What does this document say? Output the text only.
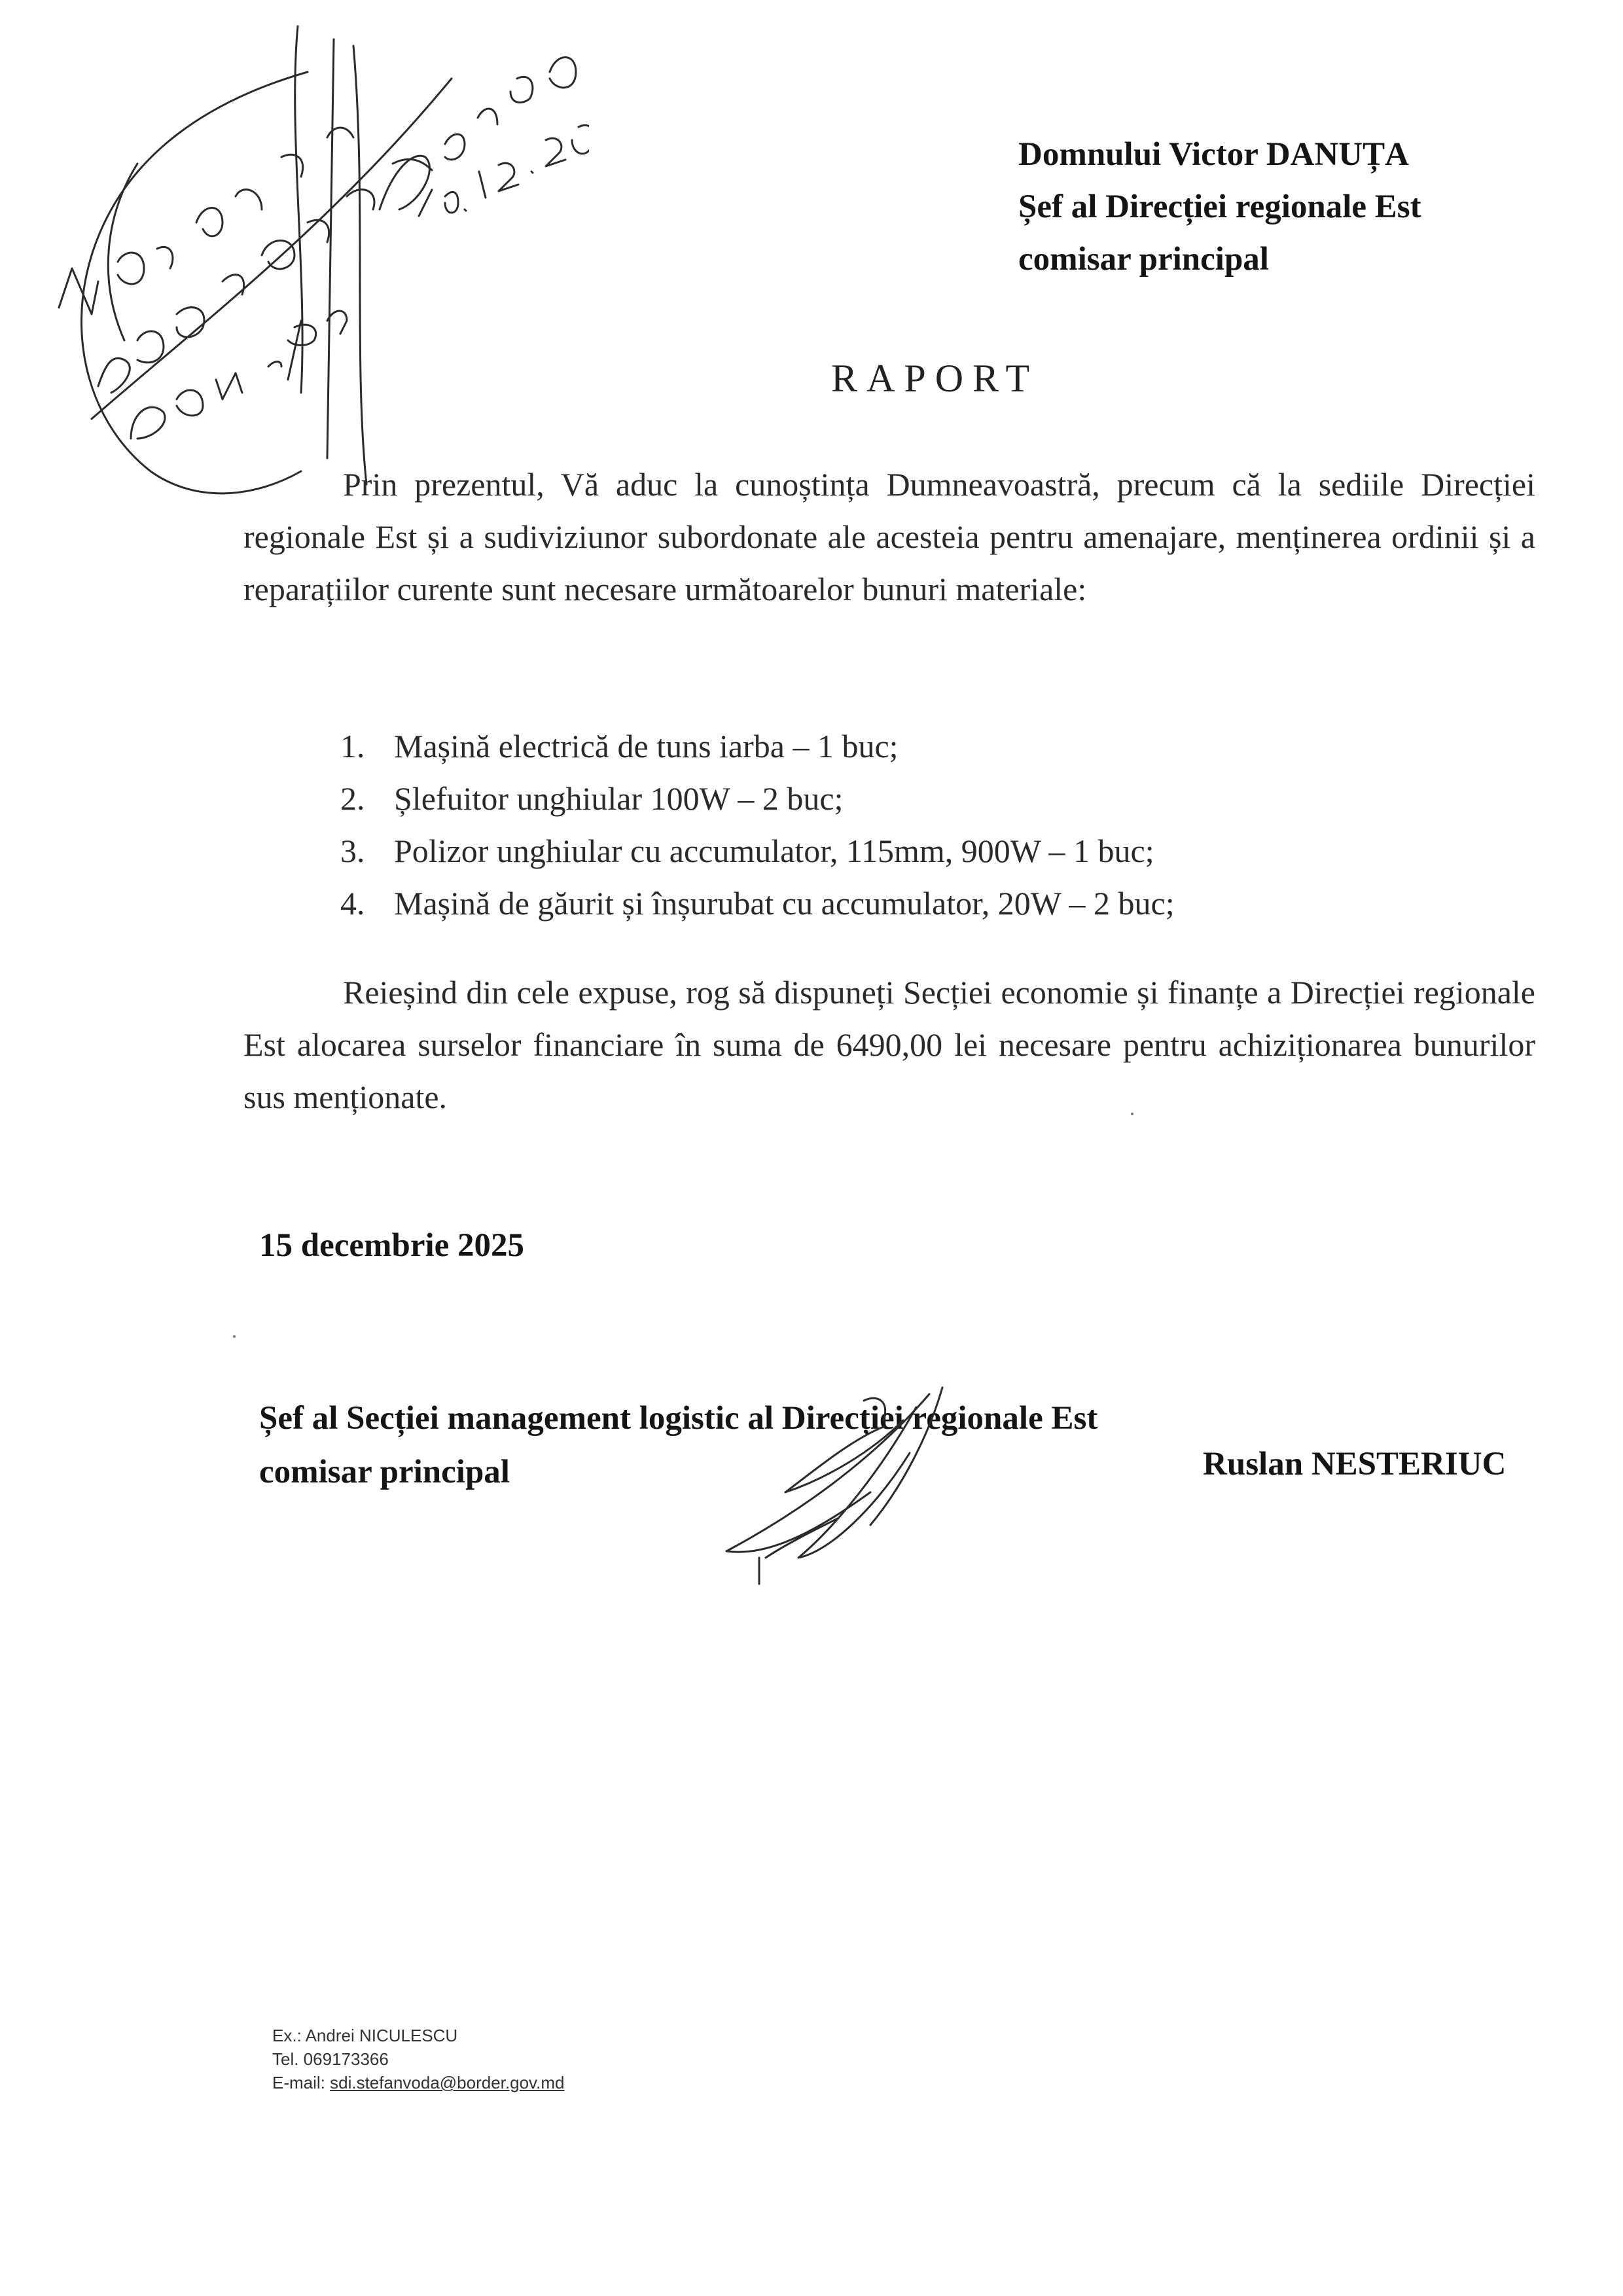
Domnului Victor DANUȚA
Șef al Direcției regionale Est
comisar principal
RAPORT
Prin prezentul, Vă aduc la cunoștința Dumneavoastră, precum că la sediile Direcției regionale Est și a sudiviziunor subordonate ale acesteia pentru amenajare, menținerea ordinii și a reparațiilor curente sunt necesare următoarelor bunuri materiale:
1. Mașină electrică de tuns iarba – 1 buc;
2. Șlefuitor unghiular 100W – 2 buc;
3. Polizor unghiular cu accumulator, 115mm, 900W – 1 buc;
4. Mașină de găurit și înșurubat cu accumulator, 20W – 2 buc;
Reieșind din cele expuse, rog să dispuneți Secției economie și finanțe a Direcției regionale Est alocarea surselor financiare în suma de 6490,00 lei necesare pentru achiziționarea bunurilor sus menționate.
15 decembrie 2025
Șef al Secției management logistic al Direcției regionale Est
comisar principal	Ruslan NESTERIUC
Ex.: Andrei NICULESCU
Tel. 069173366
E-mail: sdi.stefanvoda@border.gov.md
